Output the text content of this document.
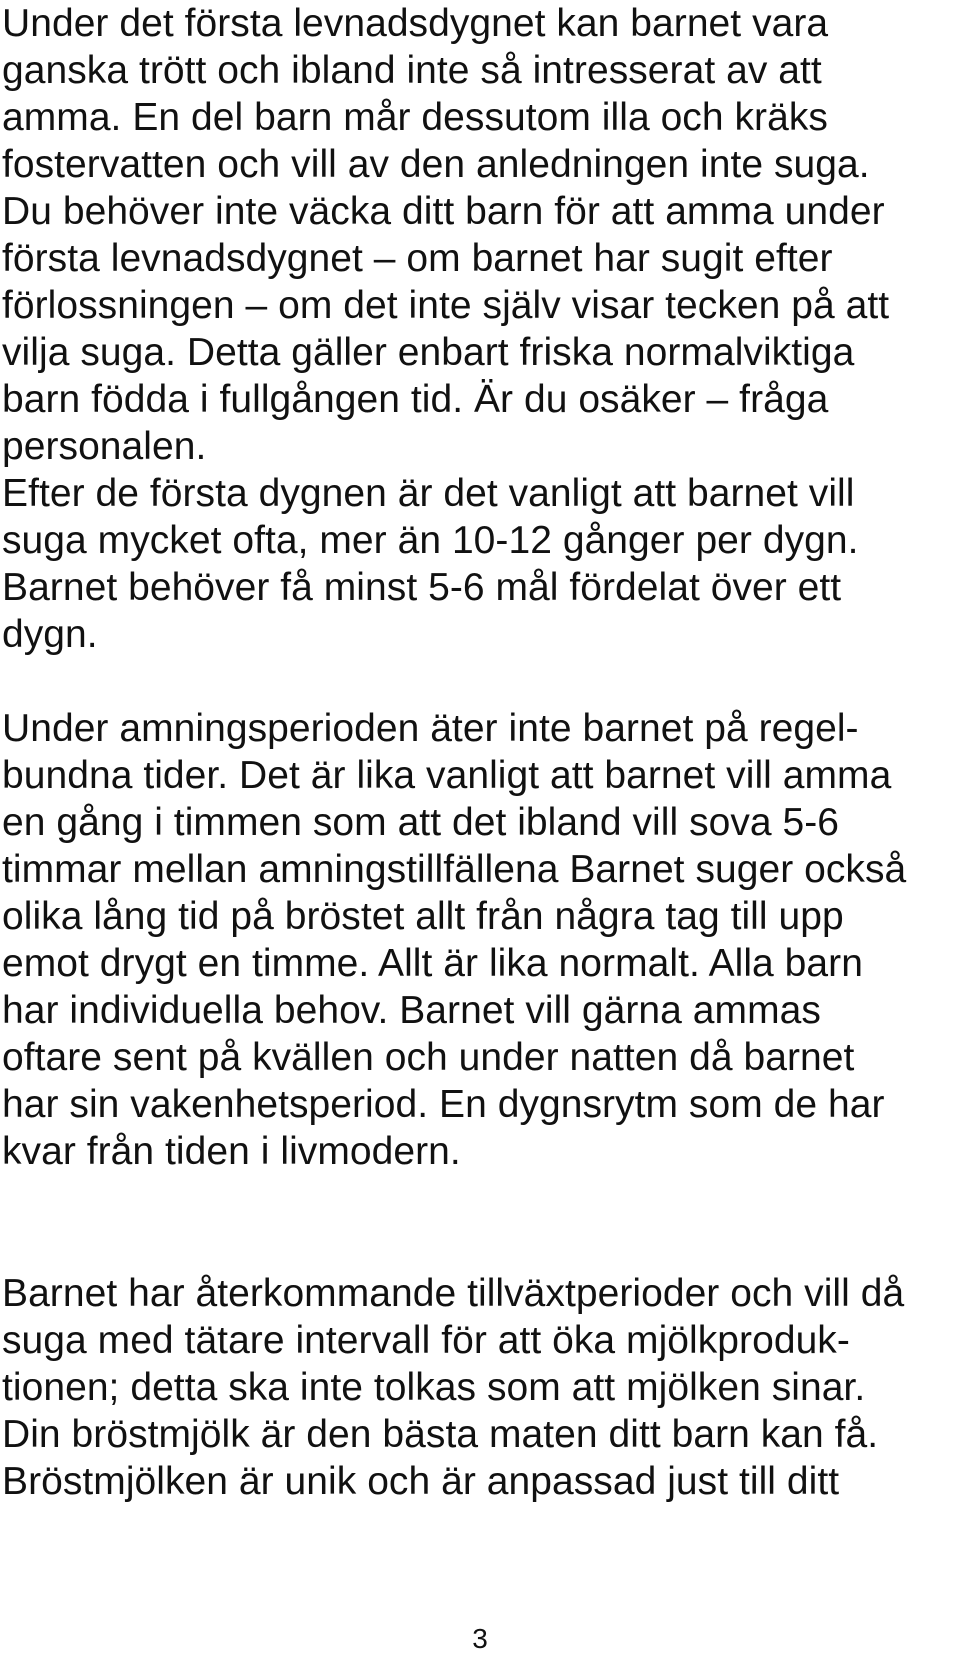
Under det första levnadsdygnet kan barnet vara
ganska trött och ibland inte så intresserat av att
amma. En del barn mår dessutom illa och kräks
fostervatten och vill av den anledningen inte suga.
Du behöver inte väcka ditt barn för att amma under
första levnadsdygnet – om barnet har sugit efter
förlossningen – om det inte själv visar tecken på att
vilja suga. Detta gäller enbart friska normalviktiga
barn födda i fullgången tid. Är du osäker – fråga
personalen.
Efter de första dygnen är det vanligt att barnet vill
suga mycket ofta, mer än 10-12 gånger per dygn.
Barnet behöver få minst 5-6 mål fördelat över ett
dygn.
Under amningsperioden äter inte barnet på regel-
bundna tider. Det är lika vanligt att barnet vill amma
en gång i timmen som att det ibland vill sova 5-6
timmar mellan amningstillfällena Barnet suger också
olika lång tid på bröstet allt från några tag till upp
emot drygt en timme. Allt är lika normalt. Alla barn
har individuella behov. Barnet vill gärna ammas
oftare sent på kvällen och under natten då barnet
har sin vakenhetsperiod. En dygnsrytm som de har
kvar från tiden i livmodern.
Barnet har återkommande tillväxtperioder och vill då
suga med tätare intervall för att öka mjölkproduk-
tionen; detta ska inte tolkas som att mjölken sinar.
Din bröstmjölk är den bästa maten ditt barn kan få.
Bröstmjölken är unik och är anpassad just till ditt
3
